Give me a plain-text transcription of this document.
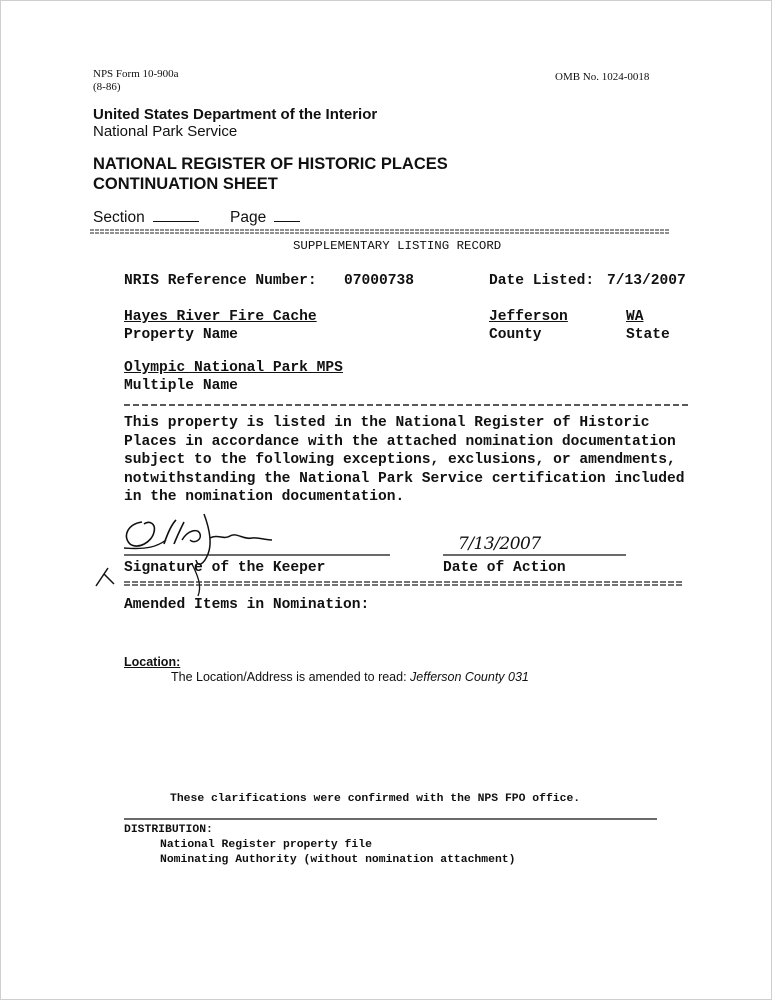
NPS Form 10-900a
(8-86)
OMB No. 1024-0018
United States Department of the Interior
National Park Service
NATIONAL REGISTER OF HISTORIC PLACES
CONTINUATION SHEET
Section	Page
SUPPLEMENTARY LISTING RECORD
NRIS Reference Number: 07000738	Date Listed: 7/13/2007
Hayes River Fire Cache	Jefferson	WA
Property Name	County	State
Olympic National Park MPS
Multiple Name
This property is listed in the National Register of Historic
Places in accordance with the attached nomination documentation
subject to the following exceptions, exclusions, or amendments,
notwithstanding the National Park Service certification included
in the nomination documentation.
7/13/2007
Signature of the Keeper	Date of Action
Amended Items in Nomination:
Location:
The Location/Address is amended to read: Jefferson County 031
These clarifications were confirmed with the NPS FPO office.
DISTRIBUTION:
National Register property file
Nominating Authority (without nomination attachment)
